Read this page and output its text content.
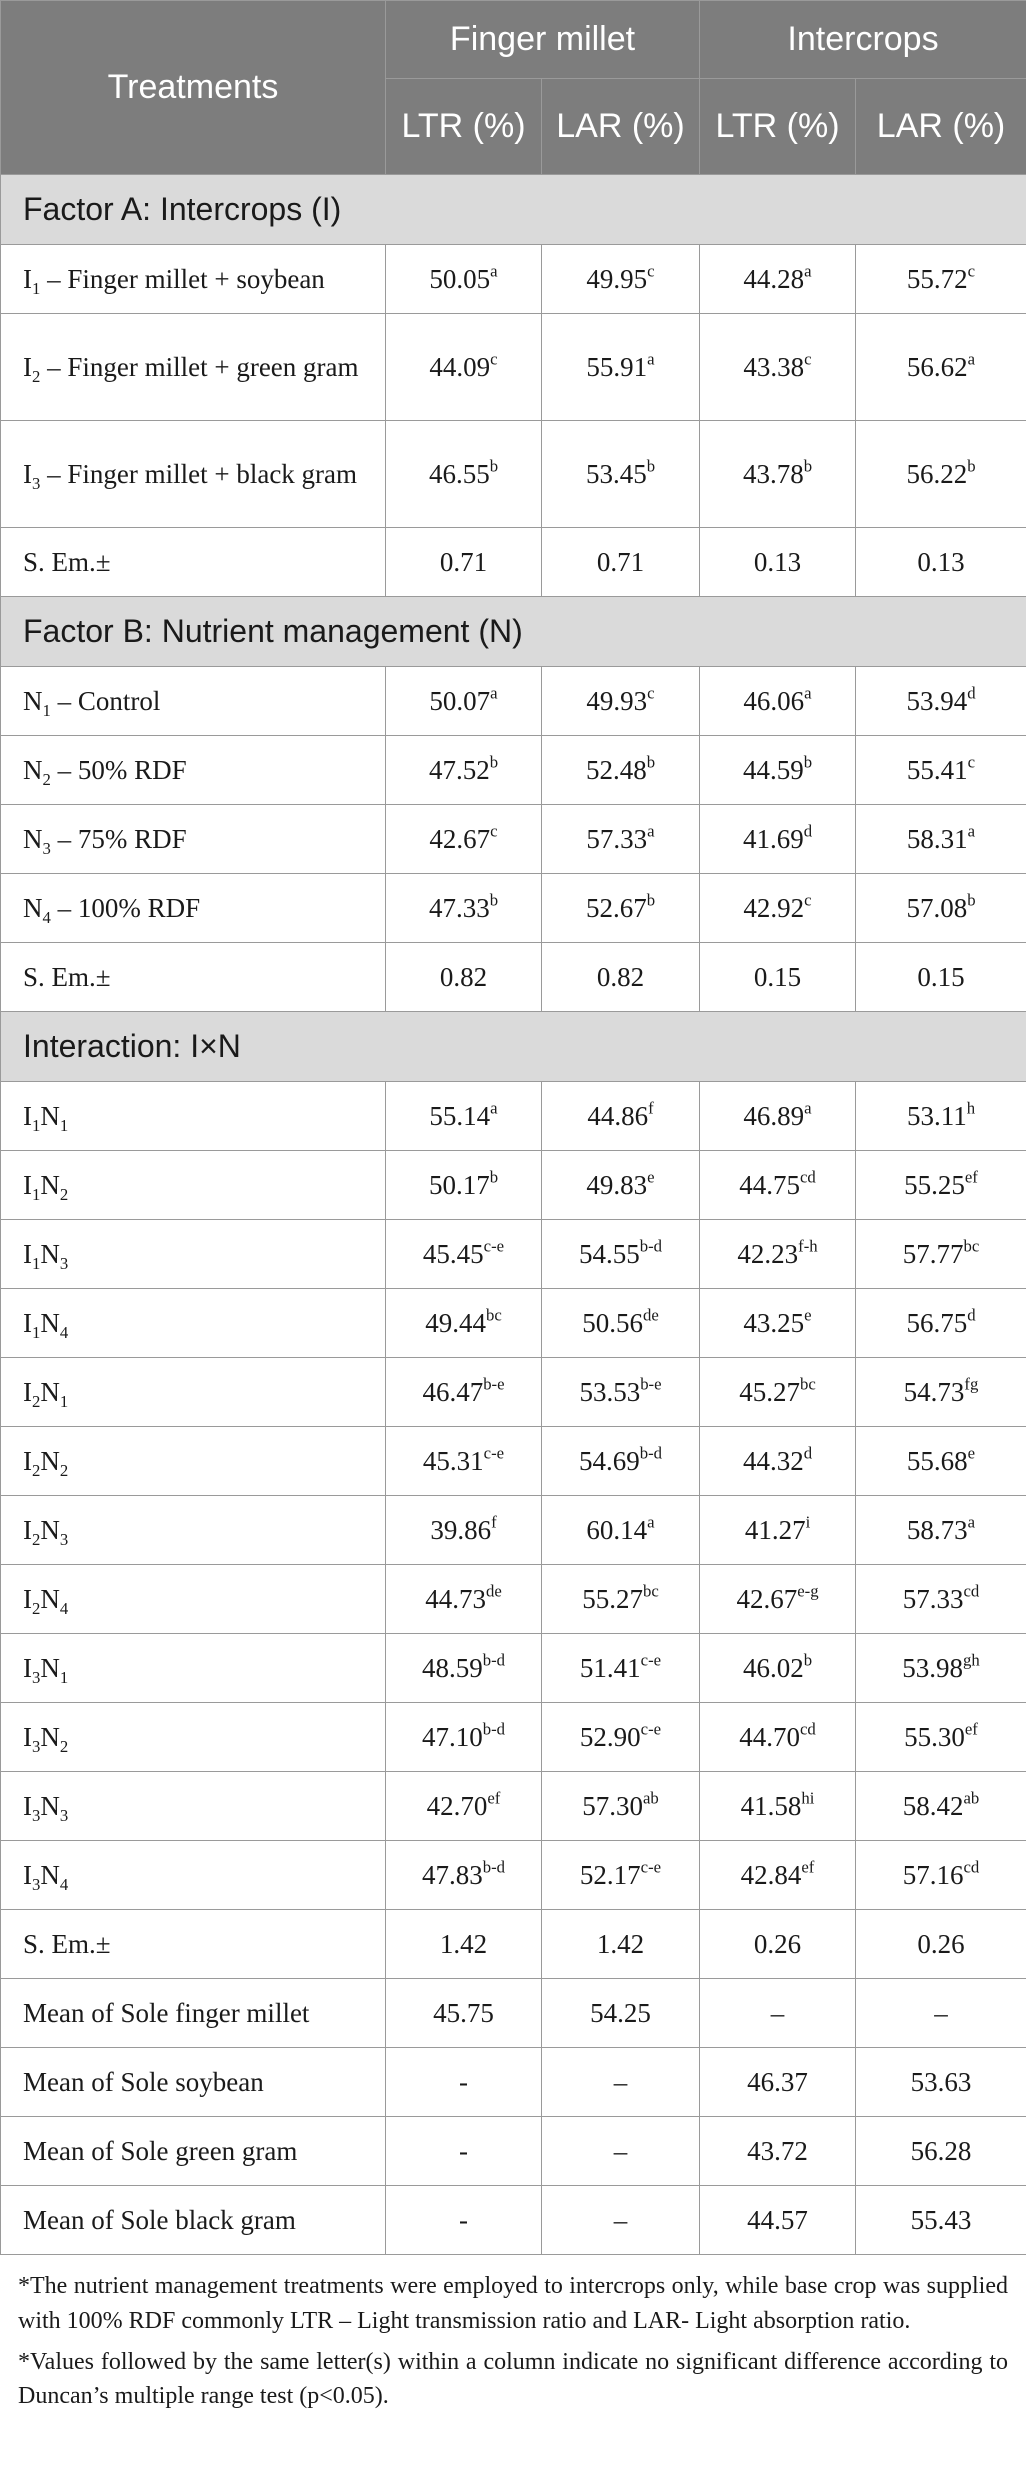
Treatments	Finger millet		Intercrops	
	LTR (%)	LAR (%)	LTR (%)	LAR (%)
Factor A: Intercrops (I)				
$I_1$ – Finger millet + soybean	50.05$^a$	49.95$^c$	44.28$^a$	55.72$^c$
$I_2$ – Finger millet + green gram	44.09$^c$	55.91$^a$	43.38$^c$	56.62$^a$
$I_3$ – Finger millet + black gram	46.55$^b$	53.45$^b$	43.78$^b$	56.22$^b$
S. Em.±	0.71	0.71	0.13	0.13
Factor B: Nutrient management (N)				
$N_1$ – Control	50.07$^a$	49.93$^c$	46.06$^a$	53.94$^d$
$N_2 - 50\%$ RDF	47.52$^b$	52.48$^b$	44.59$^b$	55.41$^c$
$N_3 - 75\%$ RDF	42.67$^c$	57.33$^a$	41.69$^d$	58.31$^a$
$N_4 - 100\%$ RDF	47.33$^b$	52.67$^b$	42.92$^c$	57.08$^b$
S. Em.±	0.82	0.82	0.15	0.15
Interaction: I×N				
$I_1N_1$	55.14$^a$	44.86$^f$	46.89$^a$	53.11$^h$
$I_1N_2$	50.17$^b$	49.83e	44.75$^{cd}$	55.25$^{ef}$
$I_1N_3$	45.45$^{c-e}$	54.55$^{b-d}$	42.23$^{f-h}$	57.77$^{bc}$
$I_1N_4$	49.44$^{bc}$	50.56de	43.25e	56.75$^d$
$I_2N_1$	46.47$^{b-e}$	53.53$^{b-e}$	45.27$^{bc}$	54.73$^{fg}$
$I_2N_2$	45.31$^{c-e}$	54.69$^{b-d}$	44.32$^d$	55.68e
$I_2N_3$	39.86$^f$	60.14$^a$	41.27$^i$	58.73$^a$
$I_2N_4$	44.73de	55.27$^{bc}$	42.67$^{e-g}$	57.33$^{cd}$
$I_3N_1$	48.59$^{b-d}$	51.41$^{c-e}$	46.02$^b$	53.98$^{gh}$
$I_3N_2$	47.10$^{b-d}$	52.90$^{c-e}$	44.70$^{cd}$	55.30$^{ef}$
$I_3N_3$	42.70$^{ef}$	57.30$^{ab}$	$41.58^{hi}$	58.42$^{ab}$
$I_3N_4$	47.83$^{b-d}$	52.17$^{c-e}$	42.84$^{ef}$	57.16$^{cd}$
S. Em.±	1.42	1.42	0.26	0.26
Mean of Sole finger millet	45.75	54.25	–	–
Mean of Sole soybean	-	–	46.37	53.63
Mean of Sole green gram	-	–	43.72	56.28
Mean of Sole black gram	-	–	44.57	55.43

*The nutrient management treatments were employed to intercrops only, while base crop was supplied with 100% RDF commonly LTR – Light transmission ratio and LAR- Light absorption ratio.

*Values followed by the same letter(s) within a column indicate no significant difference according to Duncan’s multiple range test (p<0.05).
